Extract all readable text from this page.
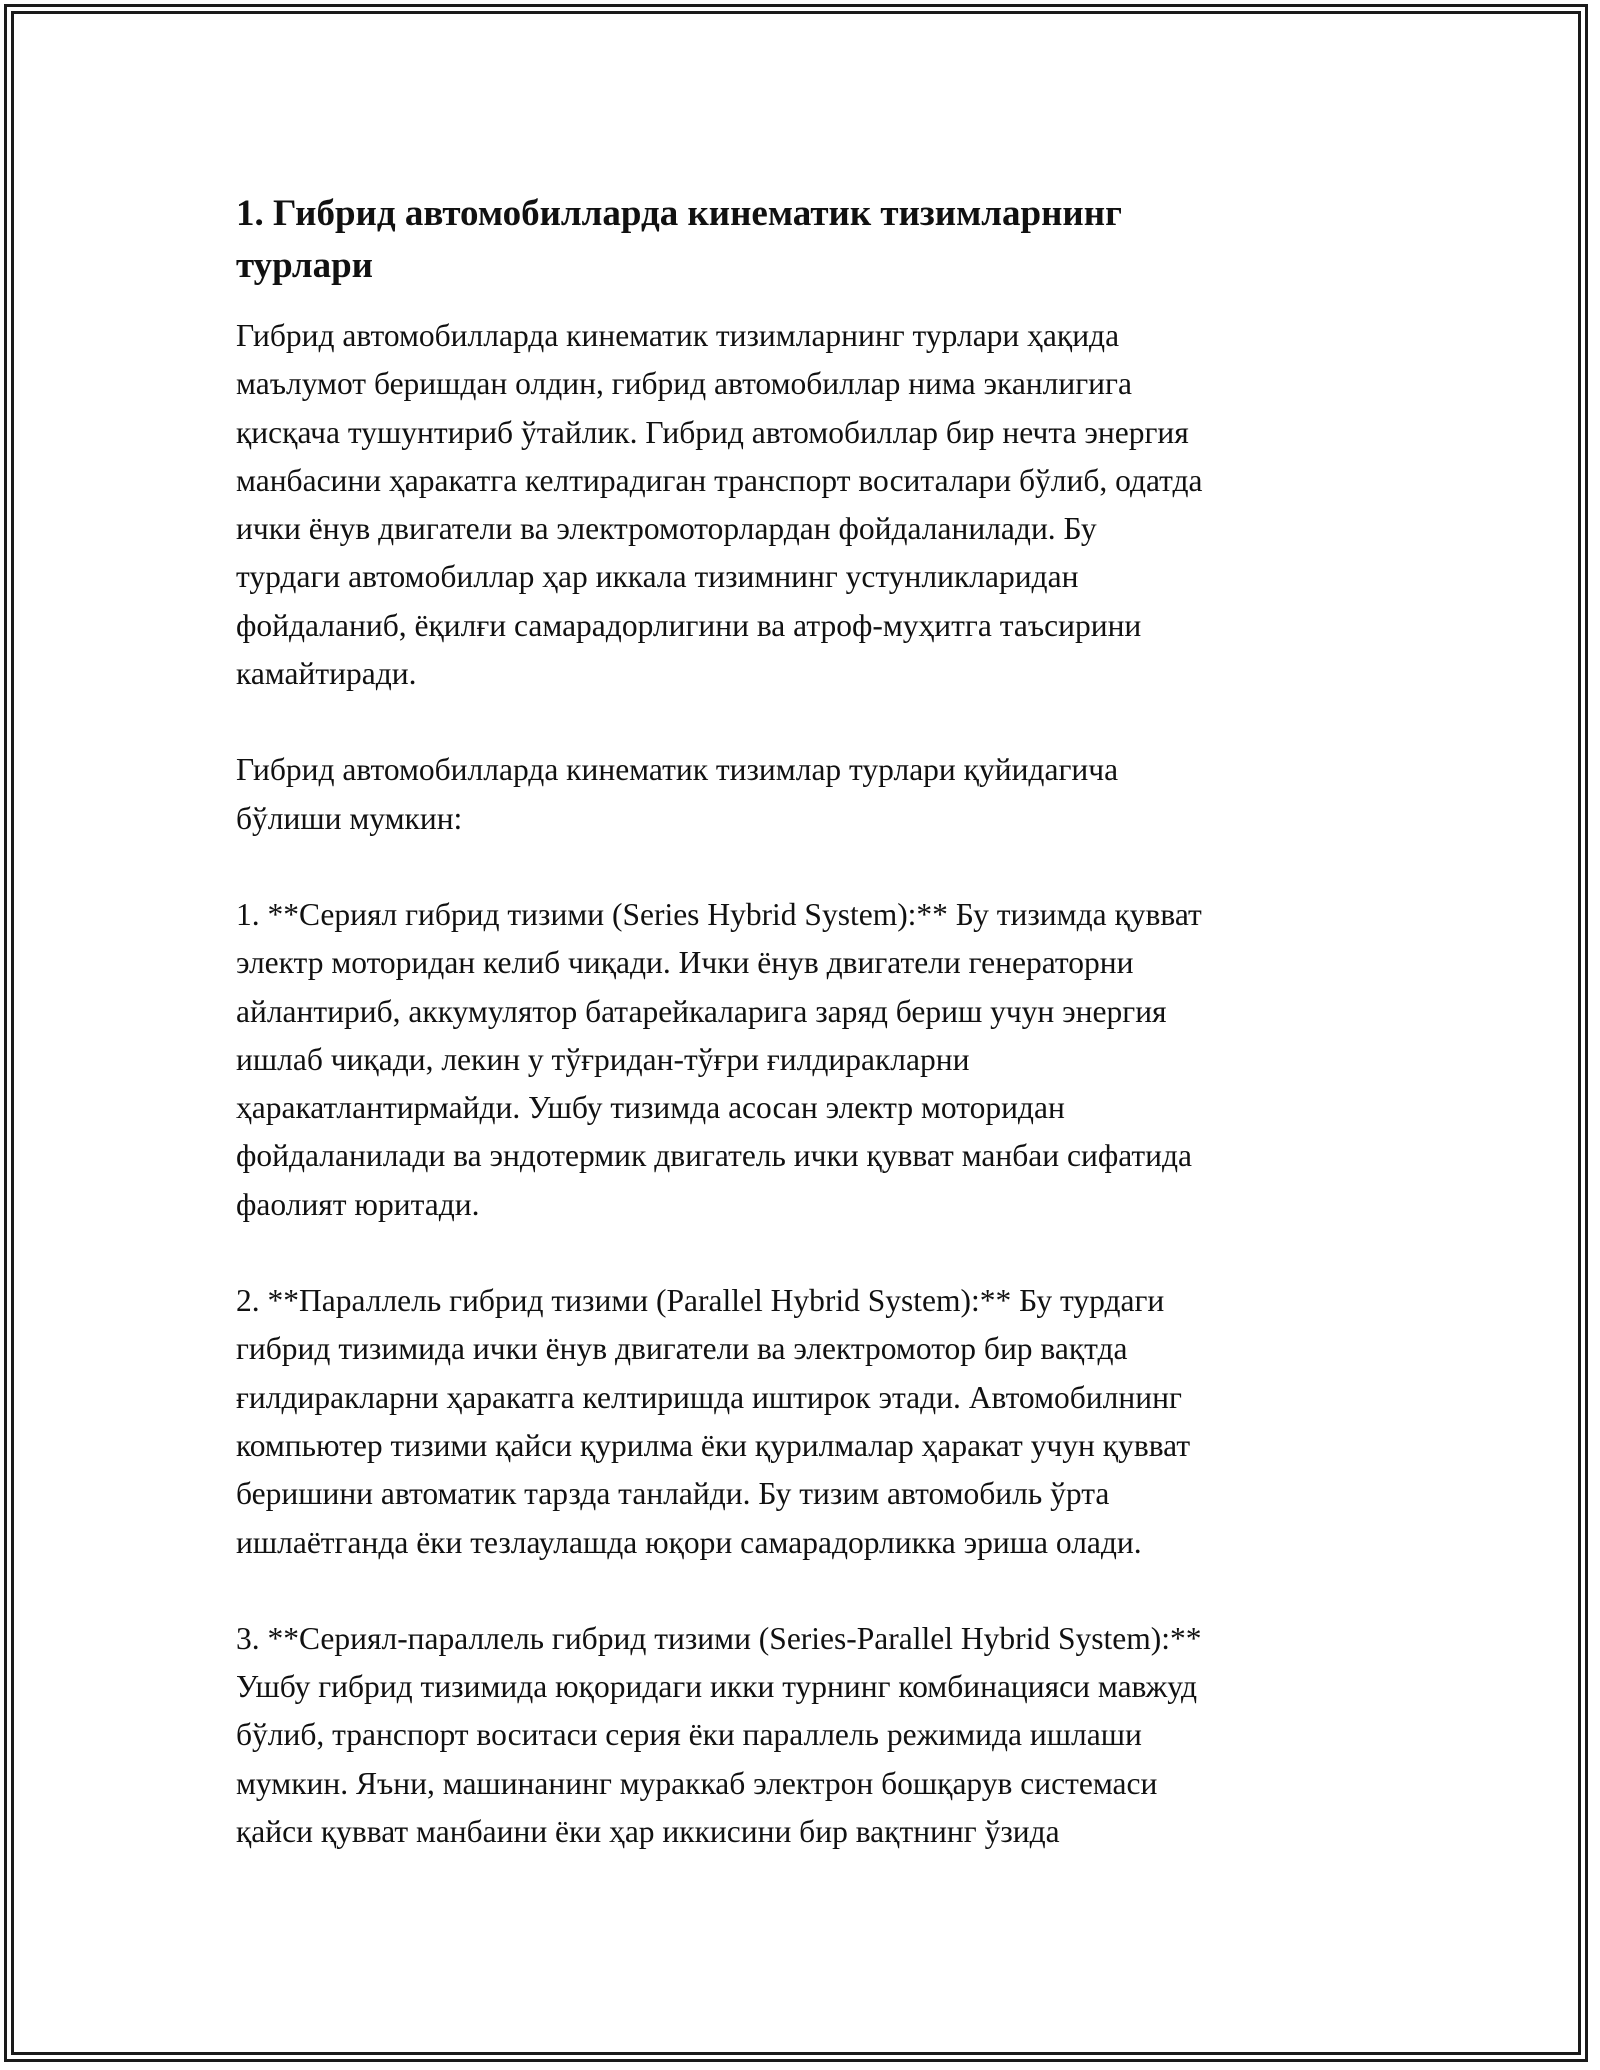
1. Гибрид автомобилларда кинематик тизимларнинг
турлари

Гибрид автомобилларда кинематик тизимларнинг турлари ҳақида
маълумот беришдан олдин, гибрид автомобиллар нима эканлигига
қисқача тушунтириб ўтайлик. Гибрид автомобиллар бир нечта энергия
манбасини ҳаракатга келтирадиган транспорт воситалари бўлиб, одатда
ички ёнув двигатели ва электромоторлардан фойдаланилади. Бу
турдаги автомобиллар ҳар иккала тизимнинг устунликларидан
фойдаланиб, ёқилғи самарадорлигини ва атроф-муҳитга таъсирини
камайтиради.

Гибрид автомобилларда кинематик тизимлар турлари қуйидагича
бўлиши мумкин:

1. **Сериял гибрид тизими (Series Hybrid System):** Бу тизимда қувват
электр моторидан келиб чиқади. Ички ёнув двигатели генераторни
айлантириб, аккумулятор батарейкаларига заряд бериш учун энергия
ишлаб чиқади, лекин у тўғридан-тўғри ғилдиракларни
ҳаракатлантирмайди. Ушбу тизимда асосан электр моторидан
фойдаланилади ва эндотермик двигатель ички қувват манбаи сифатида
фаолият юритади.

2. **Параллель гибрид тизими (Parallel Hybrid System):** Бу турдаги
гибрид тизимида ички ёнув двигатели ва электромотор бир вақтда
ғилдиракларни ҳаракатга келтиришда иштирок этади. Автомобилнинг
компьютер тизими қайси қурилма ёки қурилмалар ҳаракат учун қувват
беришини автоматик тарзда танлайди. Бу тизим автомобиль ўрта
ишлаётганда ёки тезлаулашда юқори самарадорликка эриша олади.

3. **Сериял-параллель гибрид тизими (Series-Parallel Hybrid System):**
Ушбу гибрид тизимида юқоридаги икки турнинг комбинацияси мавжуд
бўлиб, транспорт воситаси серия ёки параллель режимида ишлаши
мумкин. Яъни, машинанинг мураккаб электрон бошқарув системаси
қайси қувват манбаини ёки ҳар иккисини бир вақтнинг ўзида
